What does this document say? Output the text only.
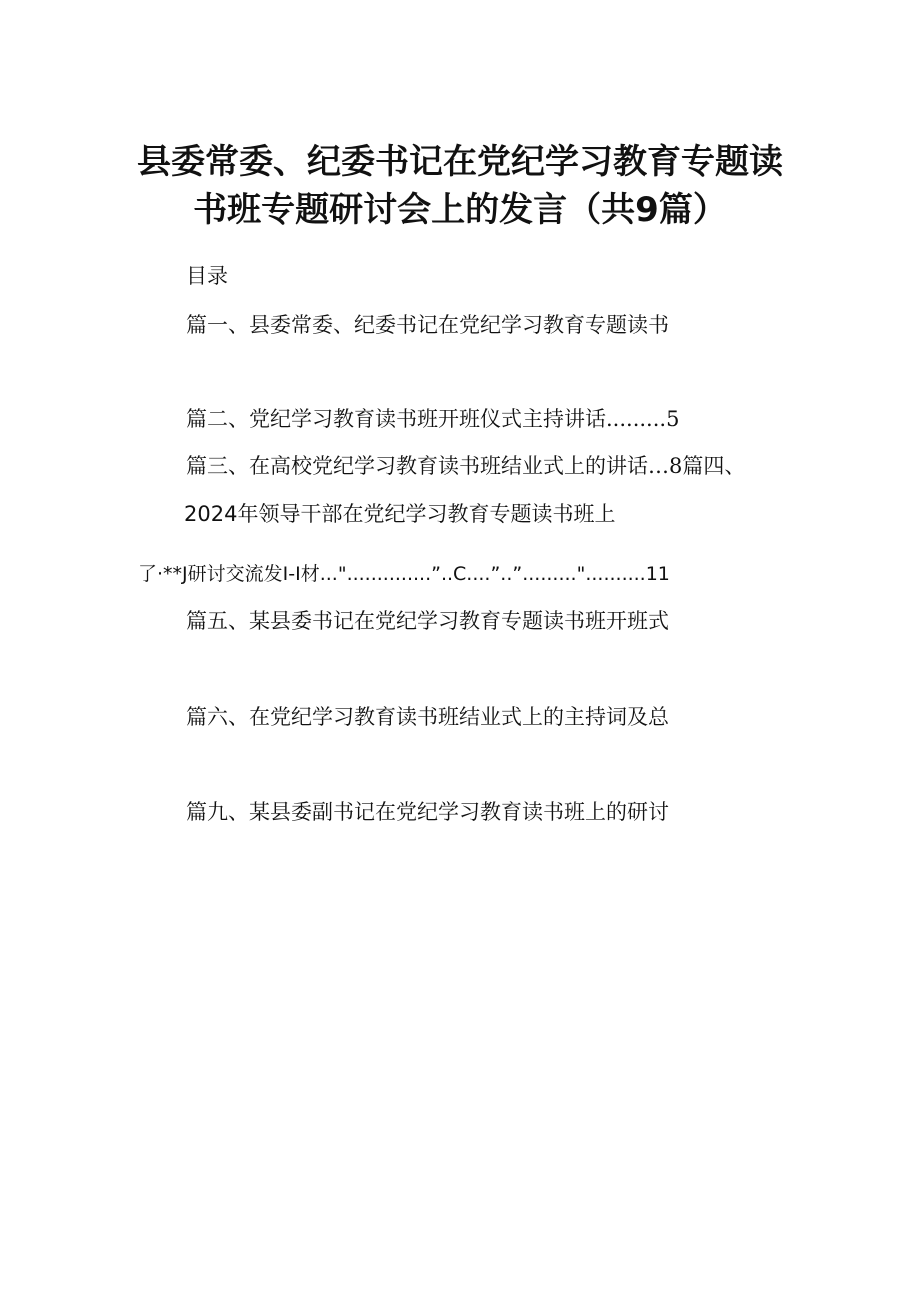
县委常委、纪委书记在党纪学习教育专题读
书班专题研讨会上的发言（共9篇）
目录
篇一、县委常委、纪委书记在党纪学习教育专题读书
篇二、党纪学习教育读书班开班仪式主持讲话.........5
篇三、在高校党纪学习教育读书班结业式上的讲话…8篇四、
2024年领导干部在党纪学习教育专题读书班上
了·**J研讨交流发I-I材..."..............”..C....”..”........."..........11
篇五、某县委书记在党纪学习教育专题读书班开班式
篇六、在党纪学习教育读书班结业式上的主持词及总
篇九、某县委副书记在党纪学习教育读书班上的研讨
